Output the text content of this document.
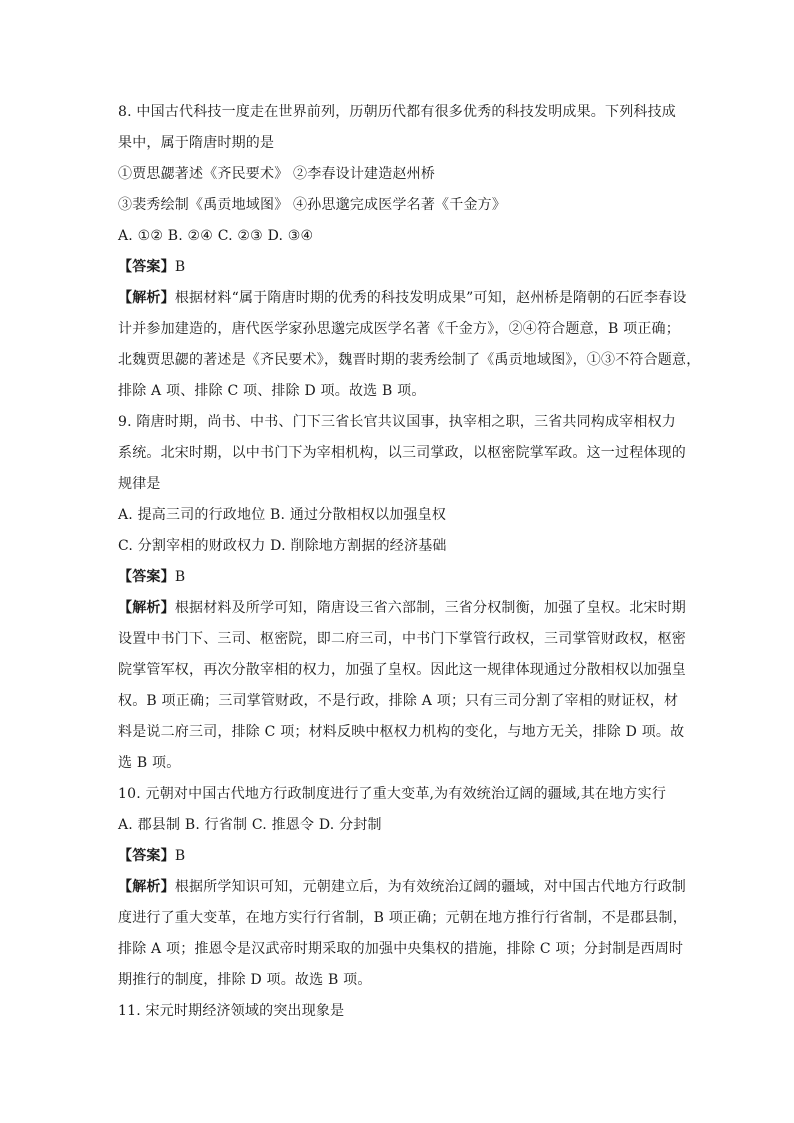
8. 中国古代科技一度走在世界前列，历朝历代都有很多优秀的科技发明成果。下列科技成
果中，属于隋唐时期的是
①贾思勰著述《齐民要术》 ②李春设计建造赵州桥
③裴秀绘制《禹贡地域图》 ④孙思邈完成医学名著《千金方》
A. ①② B. ②④ C. ②③ D. ③④
【答案】B
【解析】根据材料“属于隋唐时期的优秀的科技发明成果”可知，赵州桥是隋朝的石匠李春设
计并参加建造的，唐代医学家孙思邈完成医学名著《千金方》，②④符合题意，B 项正确；
北魏贾思勰的著述是《齐民要术》，魏晋时期的裴秀绘制了《禹贡地域图》，①③不符合题意，
排除 A 项、排除 C 项、排除 D 项。故选 B 项。
9. 隋唐时期，尚书、中书、门下三省长官共议国事，执宰相之职，三省共同构成宰相权力
系统。北宋时期，以中书门下为宰相机构，以三司掌政，以枢密院掌军政。这一过程体现的
规律是
A. 提高三司的行政地位 B. 通过分散相权以加强皇权
C. 分割宰相的财政权力 D. 削除地方割据的经济基础
【答案】B
【解析】根据材料及所学可知，隋唐设三省六部制，三省分权制衡，加强了皇权。北宋时期
设置中书门下、三司、枢密院，即二府三司，中书门下掌管行政权，三司掌管财政权，枢密
院掌管军权，再次分散宰相的权力，加强了皇权。因此这一规律体现通过分散相权以加强皇
权。B 项正确；三司掌管财政，不是行政，排除 A 项；只有三司分割了宰相的财证权，材
料是说二府三司，排除 C 项；材料反映中枢权力机构的变化，与地方无关，排除 D 项。故
选 B 项。
10. 元朝对中国古代地方行政制度进行了重大变革,为有效统治辽阔的疆域,其在地方实行
A. 郡县制 B. 行省制 C. 推恩令 D. 分封制
【答案】B
【解析】根据所学知识可知，元朝建立后，为有效统治辽阔的疆域，对中国古代地方行政制
度进行了重大变革，在地方实行行省制，B 项正确；元朝在地方推行行省制，不是郡县制，
排除 A 项；推恩令是汉武帝时期采取的加强中央集权的措施，排除 C 项；分封制是西周时
期推行的制度，排除 D 项。故选 B 项。
11. 宋元时期经济领域的突出现象是
